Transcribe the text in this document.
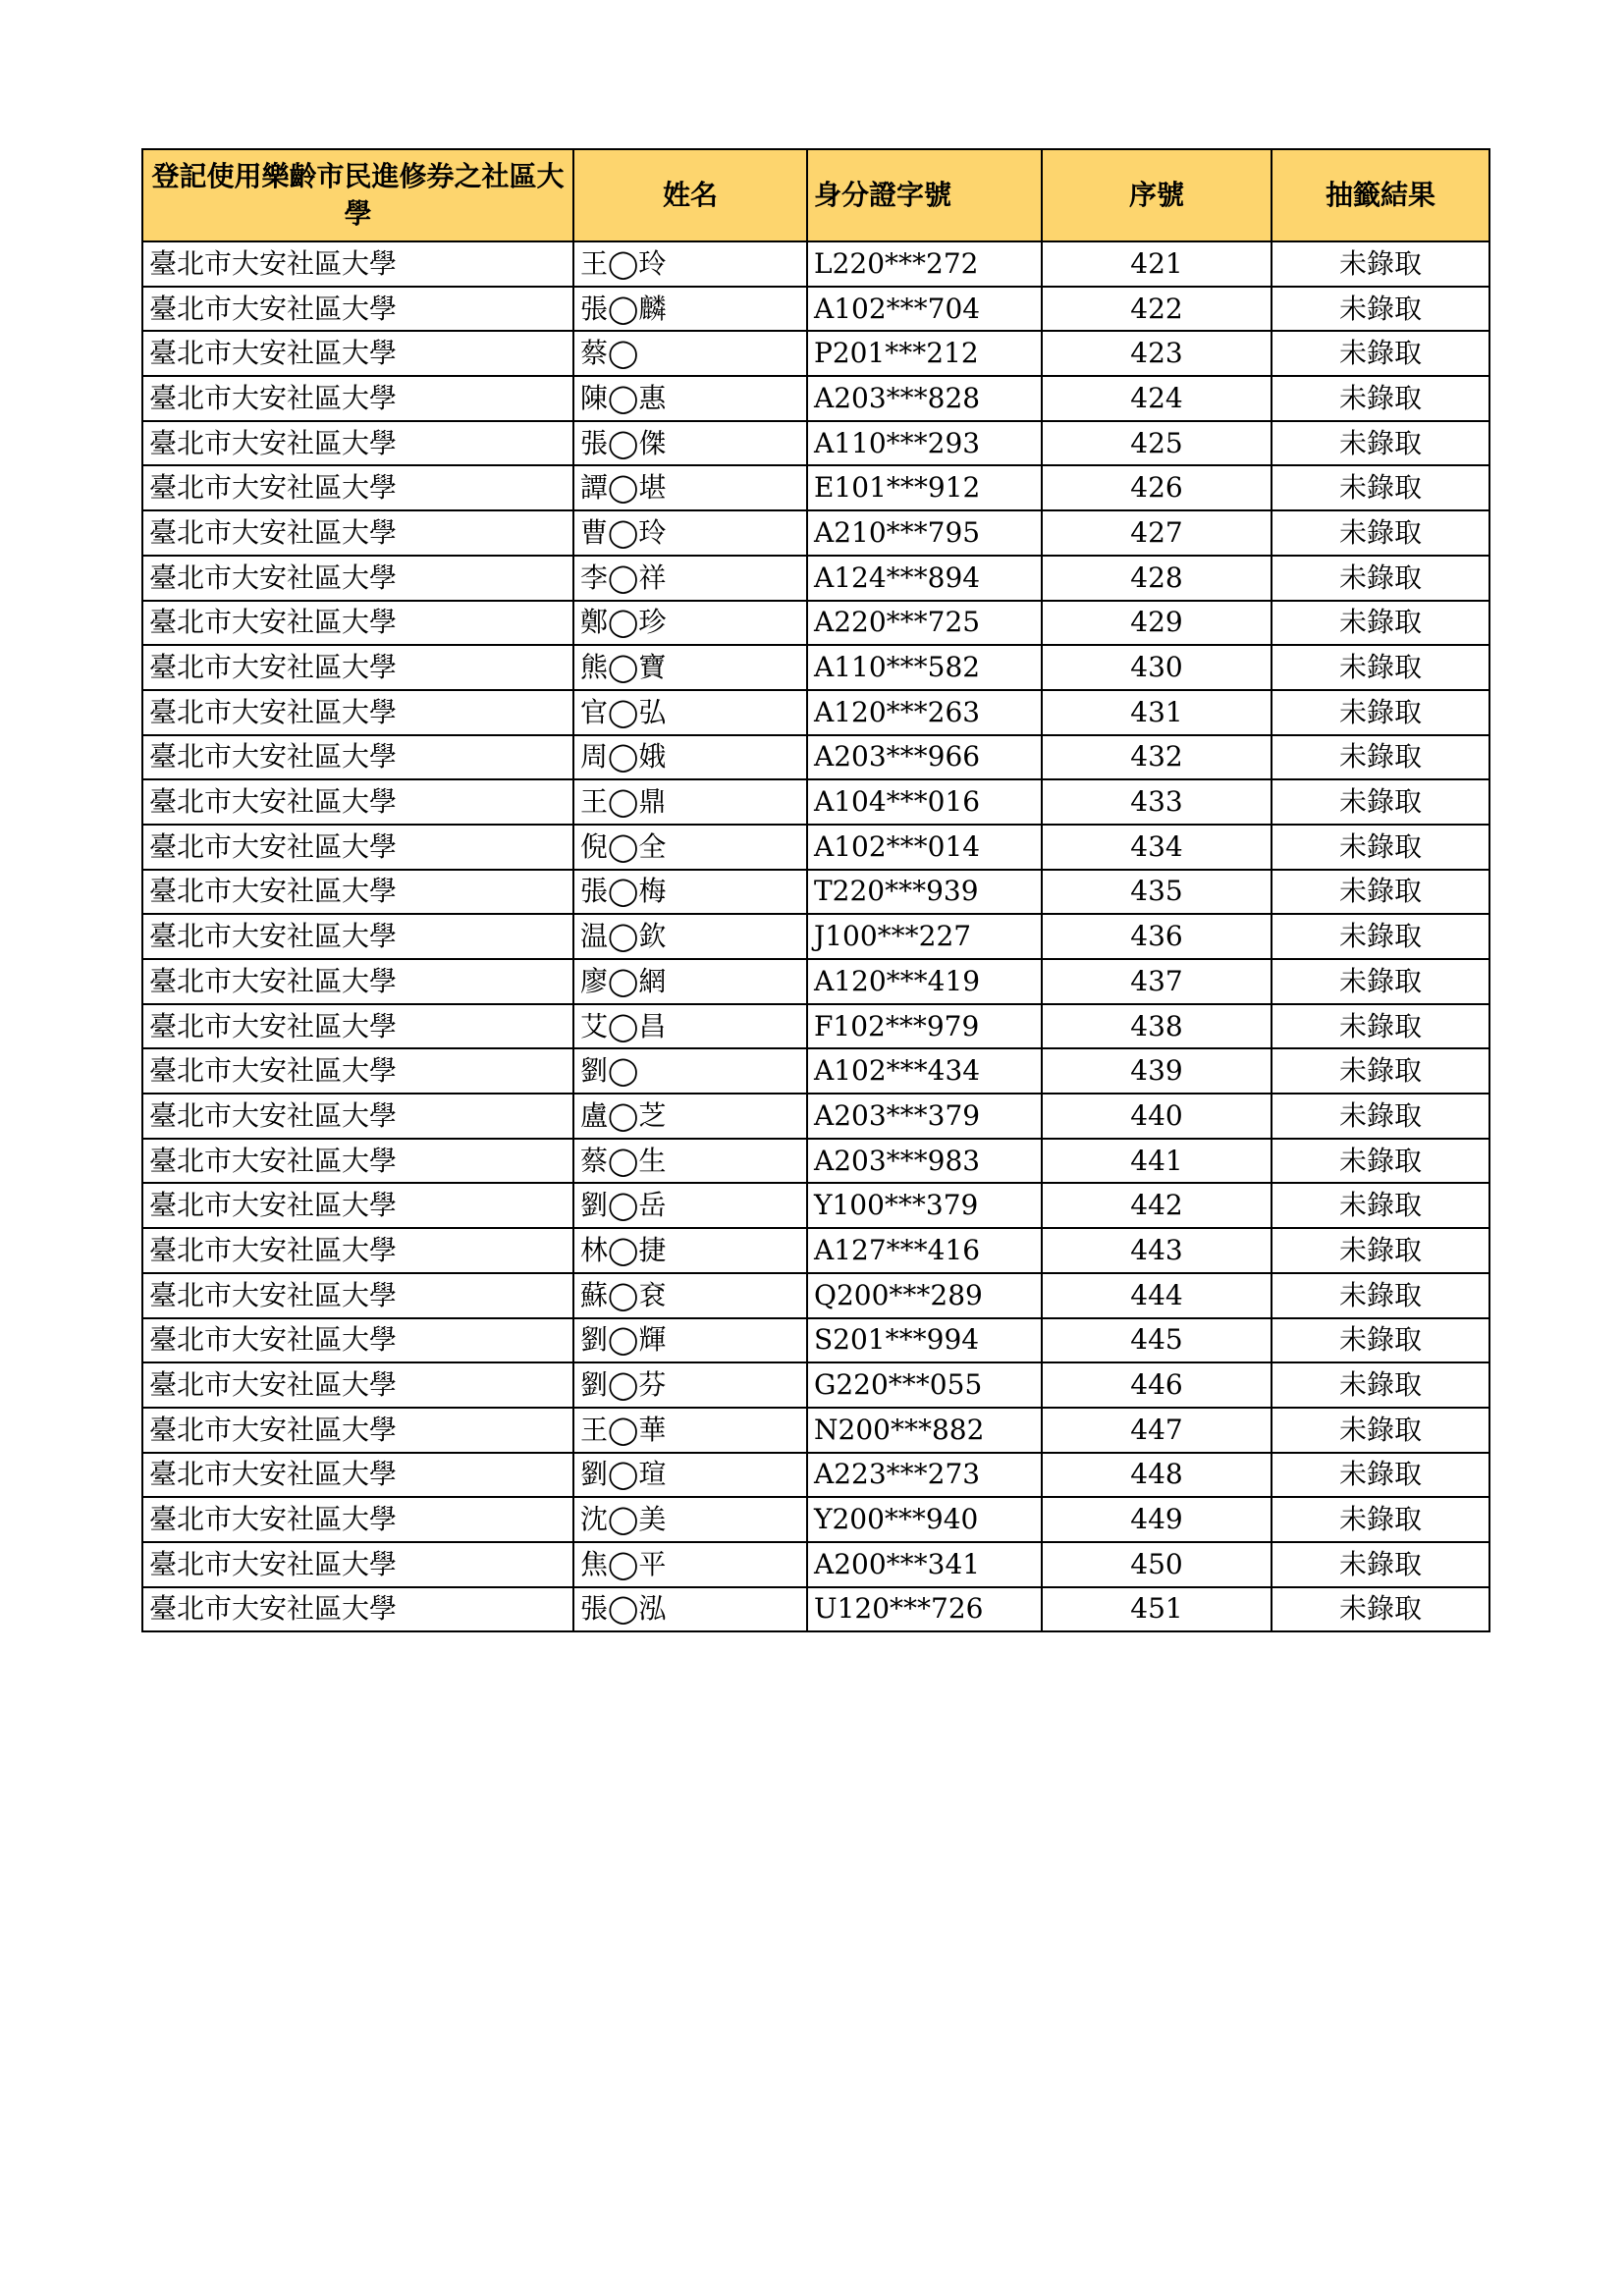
登記使用樂齡市民進修券之社區大學	姓名	身分證字號	序號	抽籤結果
臺北市大安社區大學	王◯玲	L220***272	421	未錄取
臺北市大安社區大學	張◯麟	A102***704	422	未錄取
臺北市大安社區大學	蔡◯	P201***212	423	未錄取
臺北市大安社區大學	陳◯惠	A203***828	424	未錄取
臺北市大安社區大學	張◯傑	A110***293	425	未錄取
臺北市大安社區大學	譚◯堪	E101***912	426	未錄取
臺北市大安社區大學	曹◯玲	A210***795	427	未錄取
臺北市大安社區大學	李◯祥	A124***894	428	未錄取
臺北市大安社區大學	鄭◯珍	A220***725	429	未錄取
臺北市大安社區大學	熊◯寶	A110***582	430	未錄取
臺北市大安社區大學	官◯弘	A120***263	431	未錄取
臺北市大安社區大學	周◯娥	A203***966	432	未錄取
臺北市大安社區大學	王◯鼎	A104***016	433	未錄取
臺北市大安社區大學	倪◯全	A102***014	434	未錄取
臺北市大安社區大學	張◯梅	T220***939	435	未錄取
臺北市大安社區大學	温◯欽	J100***227	436	未錄取
臺北市大安社區大學	廖◯網	A120***419	437	未錄取
臺北市大安社區大學	艾◯昌	F102***979	438	未錄取
臺北市大安社區大學	劉◯	A102***434	439	未錄取
臺北市大安社區大學	盧◯芝	A203***379	440	未錄取
臺北市大安社區大學	蔡◯生	A203***983	441	未錄取
臺北市大安社區大學	劉◯岳	Y100***379	442	未錄取
臺北市大安社區大學	林◯捷	A127***416	443	未錄取
臺北市大安社區大學	蘇◯袞	Q200***289	444	未錄取
臺北市大安社區大學	劉◯輝	S201***994	445	未錄取
臺北市大安社區大學	劉◯芬	G220***055	446	未錄取
臺北市大安社區大學	王◯華	N200***882	447	未錄取
臺北市大安社區大學	劉◯瑄	A223***273	448	未錄取
臺北市大安社區大學	沈◯美	Y200***940	449	未錄取
臺北市大安社區大學	焦◯平	A200***341	450	未錄取
臺北市大安社區大學	張◯泓	U120***726	451	未錄取
